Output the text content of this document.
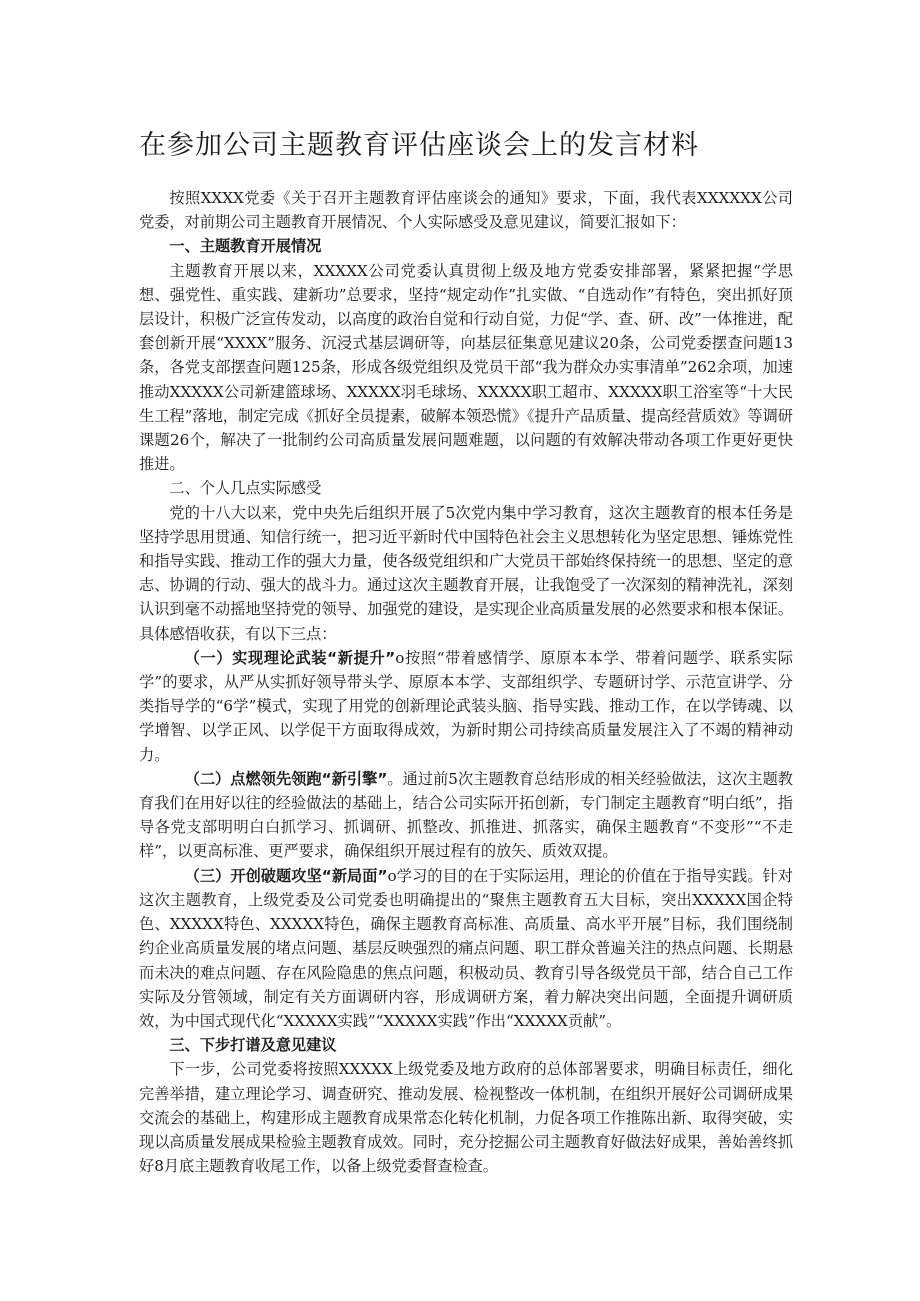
在参加公司主题教育评估座谈会上的发言材料

按照XXXX党委《关于召开主题教育评估座谈会的通知》要求，下面，我代表XXXXXX公司党委，对前期公司主题教育开展情况、个人实际感受及意见建议，简要汇报如下：

一、主题教育开展情况

主题教育开展以来，XXXXX公司党委认真贯彻上级及地方党委安排部署，紧紧把握“学思想、强党性、重实践、建新功”总要求，坚持“规定动作”扎实做、“自选动作”有特色，突出抓好顶层设计，积极广泛宣传发动，以高度的政治自觉和行动自觉，力促“学、查、研、改”一体推进，配套创新开展“XXXX”服务、沉浸式基层调研等，向基层征集意见建议20条，公司党委摆查问题13条，各党支部摆查问题125条，形成各级党组织及党员干部“我为群众办实事清单”262余项，加速推动XXXXX公司新建篮球场、XXXXX羽毛球场、XXXXX职工超市、XXXXX职工浴室等“十大民生工程”落地，制定完成《抓好全员提素，破解本领恐慌》《提升产品质量、提高经营质效》等调研课题26个，解决了一批制约公司高质量发展问题难题，以问题的有效解决带动各项工作更好更快推进。

二、个人几点实际感受

党的十八大以来，党中央先后组织开展了5次党内集中学习教育，这次主题教育的根本任务是坚持学思用贯通、知信行统一，把习近平新时代中国特色社会主义思想转化为坚定思想、锤炼党性和指导实践、推动工作的强大力量，使各级党组织和广大党员干部始终保持统一的思想、坚定的意志、协调的行动、强大的战斗力。通过这次主题教育开展，让我饱受了一次深刻的精神洗礼，深刻认识到毫不动摇地坚持党的领导、加强党的建设，是实现企业高质量发展的必然要求和根本保证。具体感悟收获，有以下三点：

（一）实现理论武装“新提升”o按照“带着感情学、原原本本学、带着问题学、联系实际学”的要求，从严从实抓好领导带头学、原原本本学、支部组织学、专题研讨学、示范宣讲学、分类指导学的“6学”模式，实现了用党的创新理论武装头脑、指导实践、推动工作，在以学铸魂、以学增智、以学正风、以学促干方面取得成效，为新时期公司持续高质量发展注入了不竭的精神动力。

（二）点燃领先领跑“新引擎”。通过前5次主题教育总结形成的相关经验做法，这次主题教育我们在用好以往的经验做法的基础上，结合公司实际开拓创新，专门制定主题教育“明白纸”，指导各党支部明明白白抓学习、抓调研、抓整改、抓推进、抓落实，确保主题教育“不变形”“不走样”，以更高标准、更严要求，确保组织开展过程有的放矢、质效双提。

（三）开创破题攻坚“新局面”o学习的目的在于实际运用，理论的价值在于指导实践。针对这次主题教育，上级党委及公司党委也明确提出的“聚焦主题教育五大目标，突出XXXXX国企特色、XXXXX特色、XXXXX特色，确保主题教育高标准、高质量、高水平开展”目标，我们围绕制约企业高质量发展的堵点问题、基层反映强烈的痛点问题、职工群众普遍关注的热点问题、长期悬而未决的难点问题、存在风险隐患的焦点问题，积极动员、教育引导各级党员干部，结合自己工作实际及分管领域，制定有关方面调研内容，形成调研方案，着力解决突出问题，全面提升调研质效，为中国式现代化“XXXXX实践”“XXXXX实践”作出“XXXXX贡献”。

三、下步打谱及意见建议

下一步，公司党委将按照XXXXX上级党委及地方政府的总体部署要求，明确目标责任，细化完善举措，建立理论学习、调查研究、推动发展、检视整改一体机制，在组织开展好公司调研成果交流会的基础上，构建形成主题教育成果常态化转化机制，力促各项工作推陈出新、取得突破，实现以高质量发展成果检验主题教育成效。同时，充分挖掘公司主题教育好做法好成果，善始善终抓好8月底主题教育收尾工作，以备上级党委督查检查。
